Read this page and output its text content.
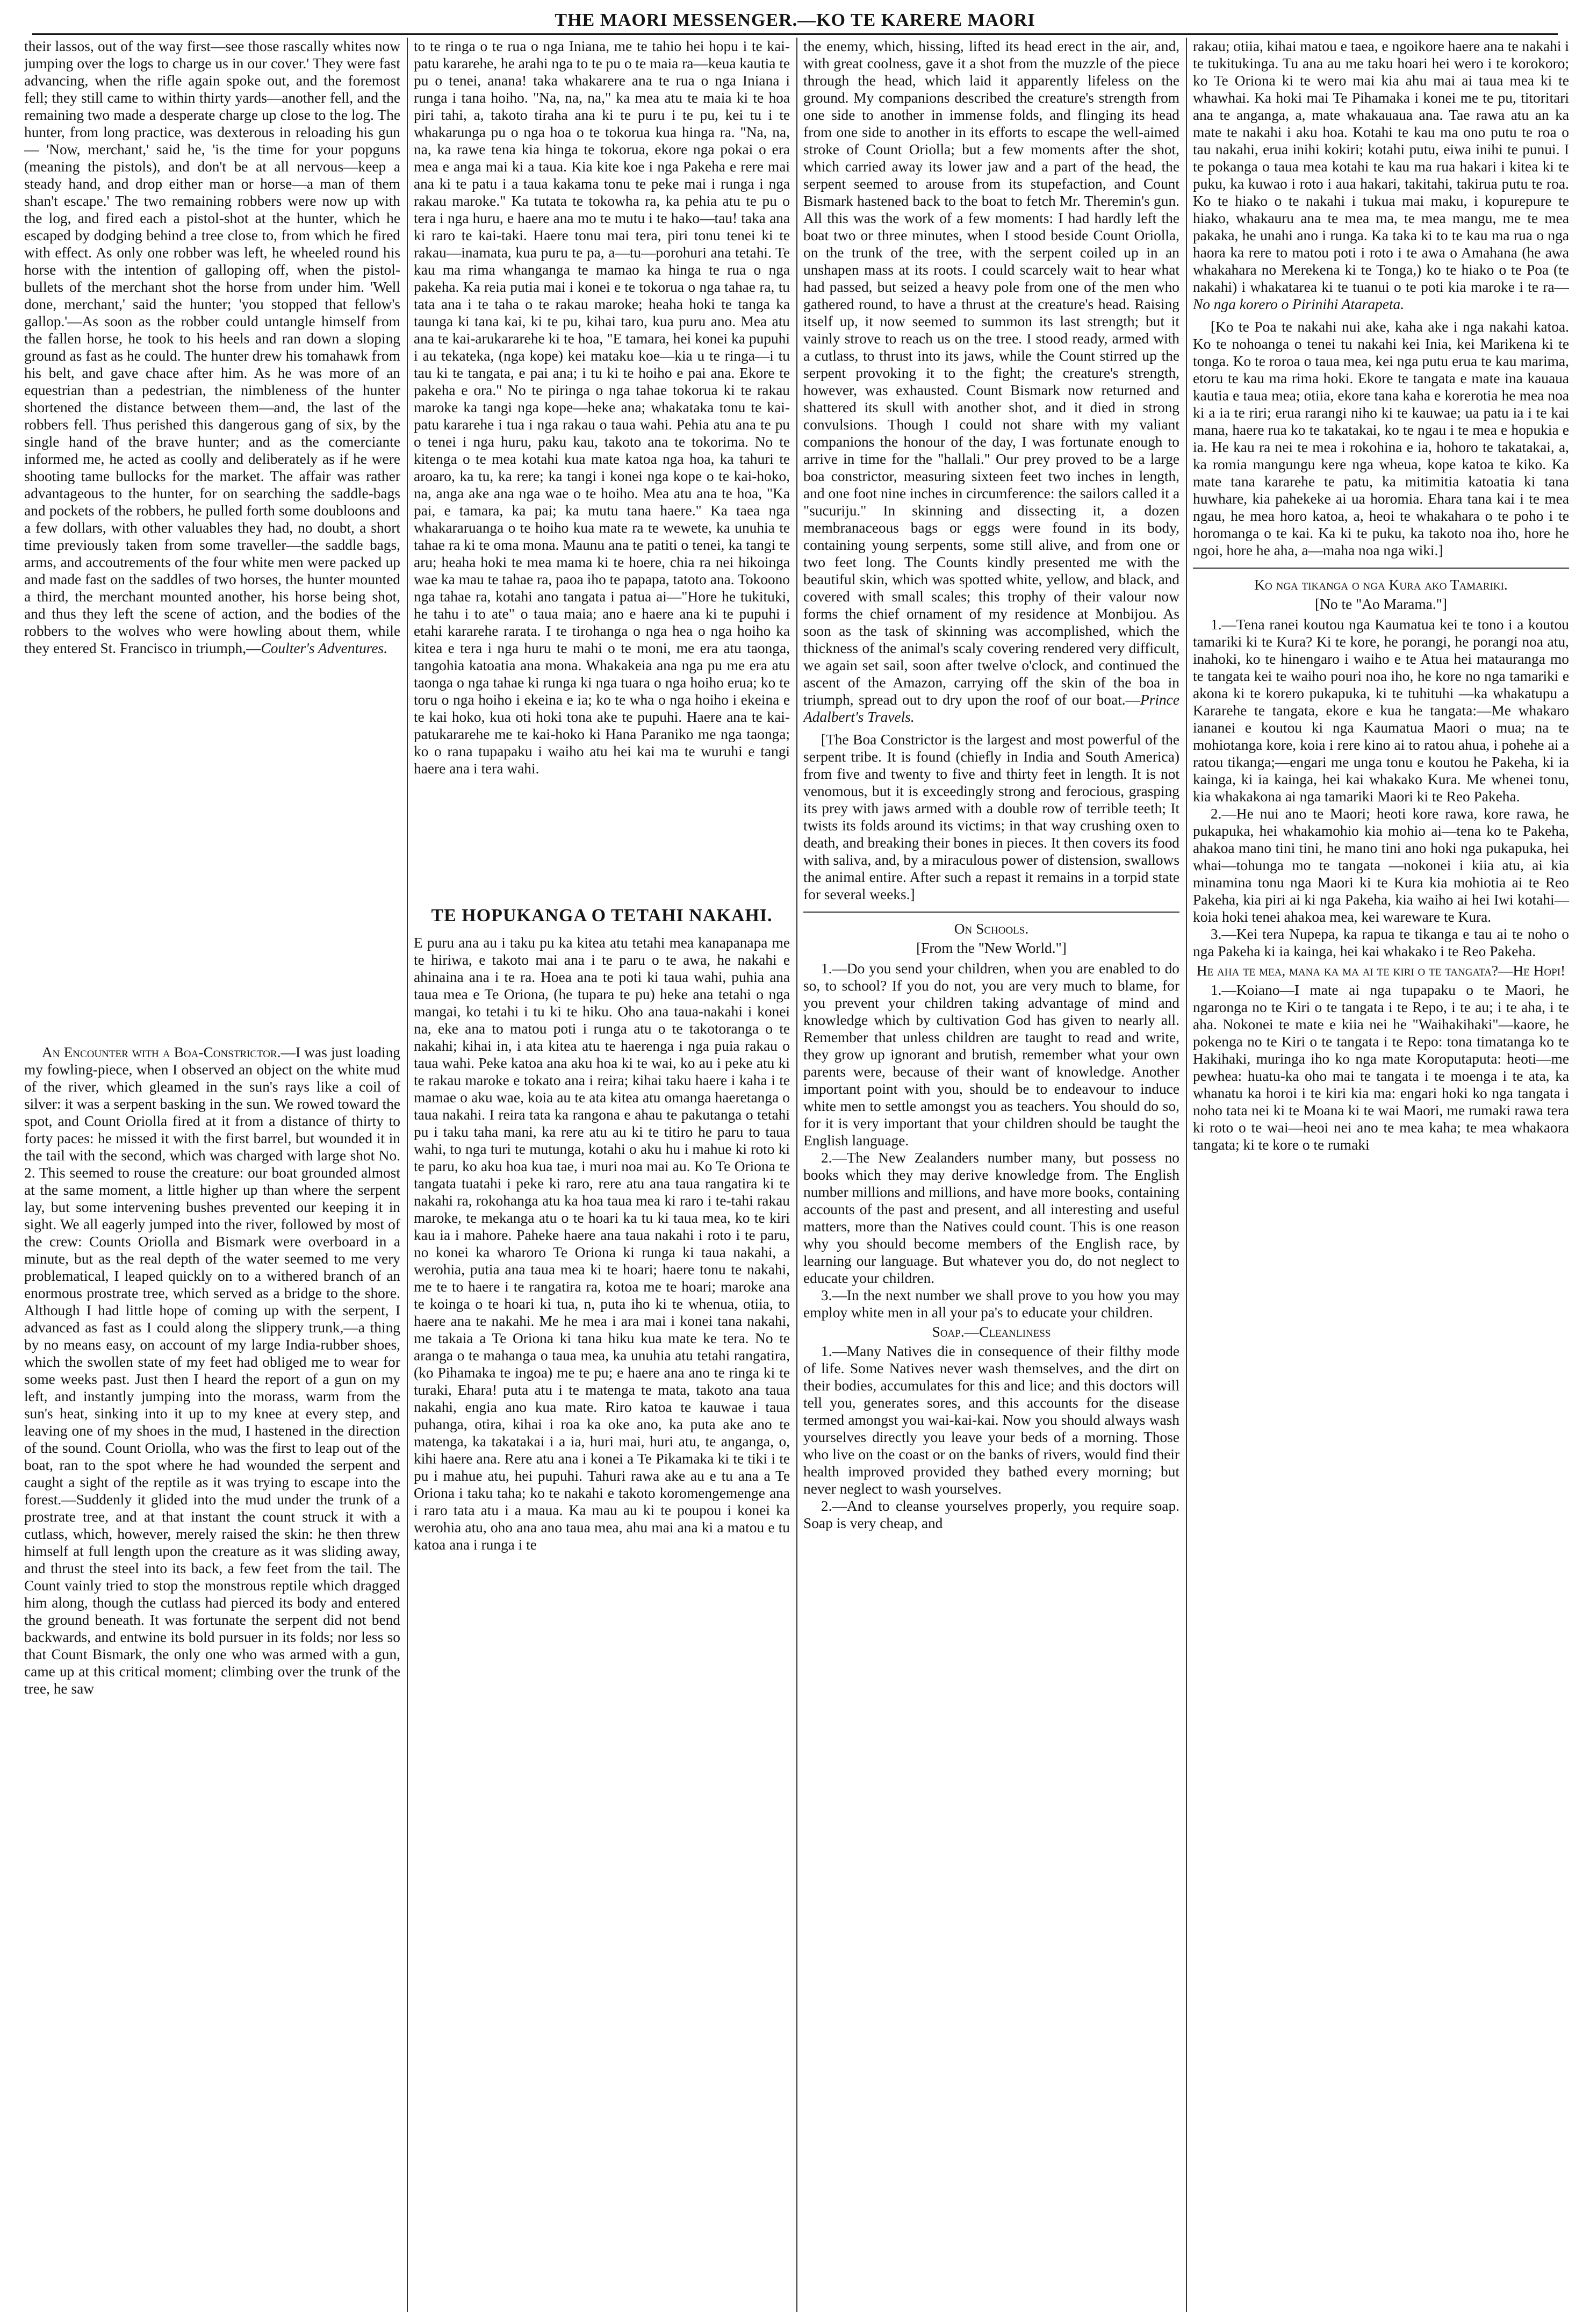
THE MAORI MESSENGER.—KO TE KARERE MAORI

their lassos, out of the way first—see those rascally whites now jumping over the logs to charge us in our cover.' They were fast advancing, when the rifle again spoke out, and the foremost fell; they still came to within thirty yards—another fell, and the remaining two made a desperate charge up close to the log. The hunter, from long practice, was dexterous in reloading his gun— 'Now, merchant,' said he, 'is the time for your popguns (meaning the pistols), and don't be at all nervous—keep a steady hand, and drop either man or horse—a man of them shan't escape.' The two remaining robbers were now up with the log, and fired each a pistol-shot at the hunter, which he escaped by dodging behind a tree close to, from which he fired with effect. As only one robber was left, he wheeled round his horse with the intention of galloping off, when the pistol-bullets of the merchant shot the horse from under him. 'Well done, merchant,' said the hunter; 'you stopped that fellow's gallop.'—As soon as the robber could untangle himself from the fallen horse, he took to his heels and ran down a sloping ground as fast as he could. The hunter drew his tomahawk from his belt, and gave chace after him. As he was more of an equestrian than a pedestrian, the nimbleness of the hunter shortened the distance between them—and, the last of the robbers fell. Thus perished this dangerous gang of six, by the single hand of the brave hunter; and as the comerciante informed me, he acted as coolly and deliberately as if he were shooting tame bullocks for the market. The affair was rather advantageous to the hunter, for on searching the saddle-bags and pockets of the robbers, he pulled forth some doubloons and a few dollars, with other valuables they had, no doubt, a short time previously taken from some traveller—the saddle bags, arms, and accoutrements of the four white men were packed up and made fast on the saddles of two horses, the hunter mounted a third, the merchant mounted another, his horse being shot, and thus they left the scene of action, and the bodies of the robbers to the wolves who were howling about them, while they entered St. Francisco in triumph,—Coulter's Adventures.

An Encounter with a Boa-Constrictor.—I was just loading my fowling-piece, when I observed an object on the white mud of the river, which gleamed in the sun's rays like a coil of silver: it was a serpent basking in the sun. We rowed toward the spot, and Count Oriolla fired at it from a distance of thirty to forty paces: he missed it with the first barrel, but wounded it in the tail with the second, which was charged with large shot No. 2. This seemed to rouse the creature: our boat grounded almost at the same moment, a little higher up than where the serpent lay, but some intervening bushes prevented our keeping it in sight. We all eagerly jumped into the river, followed by most of the crew: Counts Oriolla and Bismark were overboard in a minute, but as the real depth of the water seemed to me very problematical, I leaped quickly on to a withered branch of an enormous prostrate tree, which served as a bridge to the shore. Although I had little hope of coming up with the serpent, I advanced as fast as I could along the slippery trunk,—a thing by no means easy, on account of my large India-rubber shoes, which the swollen state of my feet had obliged me to wear for some weeks past. Just then I heard the report of a gun on my left, and instantly jumping into the morass, warm from the sun's heat, sinking into it up to my knee at every step, and leaving one of my shoes in the mud, I hastened in the direction of the sound. Count Oriolla, who was the first to leap out of the boat, ran to the spot where he had wounded the serpent and caught a sight of the reptile as it was trying to escape into the forest.—Suddenly it glided into the mud under the trunk of a prostrate tree, and at that instant the count struck it with a cutlass, which, however, merely raised the skin: he then threw himself at full length upon the creature as it was sliding away, and thrust the steel into its back, a few feet from the tail. The Count vainly tried to stop the monstrous reptile which dragged him along, though the cutlass had pierced its body and entered the ground beneath. It was fortunate the serpent did not bend backwards, and entwine its bold pursuer in its folds; nor less so that Count Bismark, the only one who was armed with a gun, came up at this critical moment; climbing over the trunk of the tree, he saw

to te ringa o te rua o nga Iniana, me te tahio hei hopu i te kai-patu kararehe, he arahi nga to te pu o te maia ra—keua kautia te pu o tenei, anana! taka whakarere ana te rua o nga Iniana i runga i tana hoiho. "Na, na, na," ka mea atu te maia ki te hoa piri tahi, a, takoto tiraha ana ki te puru i te pu, kei tu i te whakarunga pu o nga hoa o te tokorua kua hinga ra. "Na, na, na, ka rawe tena kia hinga te tokorua, ekore nga pokai o era mea e anga mai ki a taua. Kia kite koe i nga Pakeha e rere mai ana ki te patu i a taua kakama tonu te peke mai i runga i nga rakau maroke." Ka tutata te tokowha ra, ka pehia atu te pu o tera i nga huru, e haere ana mo te mutu i te hako—tau! taka ana ki raro te kai-taki. Haere tonu mai tera, piri tonu tenei ki te rakau—inamata, kua puru te pa, a—tu—porohuri ana tetahi. Te kau ma rima whanganga te mamao ka hinga te rua o nga pakeha. Ka reia putia mai i konei e te tokorua o nga tahae ra, tu tata ana i te taha o te rakau maroke; heaha hoki te tanga ka taunga ki tana kai, ki te pu, kihai taro, kua puru ano. Mea atu ana te kai-arukararehe ki te hoa, "E tamara, hei konei ka pupuhi i au tekateka, (nga kope) kei mataku koe—kia u te ringa—i tu tau ki te tangata, e pai ana; i tu ki te hoiho e pai ana. Ekore te pakeha e ora." No te piringa o nga tahae tokorua ki te rakau maroke ka tangi nga kope—heke ana; whakataka tonu te kai-patu kararehe i tua i nga rakau o taua wahi. Pehia atu ana te pu o tenei i nga huru, paku kau, takoto ana te tokorima. No te kitenga o te mea kotahi kua mate katoa nga hoa, ka tahuri te aroaro, ka tu, ka rere; ka tangi i konei nga kope o te kai-hoko, na, anga ake ana nga wae o te hoiho. Mea atu ana te hoa, "Ka pai, e tamara, ka pai; ka mutu tana haere." Ka taea nga whakararuanga o te hoiho kua mate ra te wewete, ka unuhia te tahae ra ki te oma mona. Maunu ana te patiti o tenei, ka tangi te aru; heaha hoki te mea mama ki te hoere, chia ra nei hikoinga wae ka mau te tahae ra, paoa iho te papapa, tatoto ana. Tokoono nga tahae ra, kotahi ano tangata i patua ai—"Hore he tukituki, he tahu i to ate" o taua maia; ano e haere ana ki te pupuhi i etahi kararehe rarata. I te tirohanga o nga hea o nga hoiho ka kitea e tera i nga huru te mahi o te moni, me era atu taonga, tangohia katoatia ana mona. Whakakeia ana nga pu me era atu taonga o nga tahae ki runga ki nga tuara o nga hoiho erua; ko te toru o nga hoiho i ekeina e ia; ko te wha o nga hoiho i ekeina e te kai hoko, kua oti hoki tona ake te pupuhi. Haere ana te kai-patukararehe me te kai-hoko ki Hana Paraniko me nga taonga; ko o rana tupapaku i waiho atu hei kai ma te wuruhi e tangi haere ana i tera wahi.

TE HOPUKANGA O TETAHI NAKAHI.

E puru ana au i taku pu ka kitea atu tetahi mea kanapanapa me te hiriwa, e takoto mai ana i te paru o te awa, he nakahi e ahinaina ana i te ra. Hoea ana te poti ki taua wahi, puhia ana taua mea e Te Oriona, (he tupara te pu) heke ana tetahi o nga mangai, ko tetahi i tu ki te hiku. Oho ana taua-nakahi i konei na, eke ana to matou poti i runga atu o te takotoranga o te nakahi; kihai in, i ata kitea atu te haerenga i nga puia rakau o taua wahi. Peke katoa ana aku hoa ki te wai, ko au i peke atu ki te rakau maroke e tokato ana i reira; kihai taku haere i kaha i te mamae o aku wae, koia au te ata kitea atu omanga haeretanga o taua nakahi. I reira tata ka rangona e ahau te pakutanga o tetahi pu i taku taha mani, ka rere atu au ki te titiro he paru to taua wahi, to nga turi te mutunga, kotahi o aku hu i mahue ki roto ki te paru, ko aku hoa kua tae, i muri noa mai au. Ko Te Oriona te tangata tuatahi i peke ki raro, rere atu ana taua rangatira ki te nakahi ra, rokohanga atu ka hoa taua mea ki raro i te-tahi rakau maroke, te mekanga atu o te hoari ka tu ki taua mea, ko te kiri kau ia i mahore. Paheke haere ana taua nakahi i roto i te paru, no konei ka wharoro Te Oriona ki runga ki taua nakahi, a werohia, putia ana taua mea ki te hoari; haere tonu te nakahi, me te to haere i te rangatira ra, kotoa me te hoari; maroke ana te koinga o te hoari ki tua, n, puta iho ki te whenua, otiia, to haere ana te nakahi. Me he mea i ara mai i konei tana nakahi, me takaia a Te Oriona ki tana hiku kua mate ke tera. No te aranga o te mahanga o taua mea, ka unuhia atu tetahi rangatira, (ko Pihamaka te ingoa) me te pu; e haere ana ano te ringa ki te turaki, Ehara! puta atu i te matenga te mata, takoto ana taua nakahi, engia ano kua mate. Riro katoa te kauwae i taua puhanga, otira, kihai i roa ka oke ano, ka puta ake ano te matenga, ka takatakai i a ia, huri mai, huri atu, te anganga, o, kihi haere ana. Rere atu ana i konei a Te Pikamaka ki te tiki i te pu i mahue atu, hei pupuhi. Tahuri rawa ake au e tu ana a Te Oriona i taku taha; ko te nakahi e takoto koromengemenge ana i raro tata atu i a maua. Ka mau au ki te poupou i konei ka werohia atu, oho ana ano taua mea, ahu mai ana ki a matou e tu katoa ana i runga i te

the enemy, which, hissing, lifted its head erect in the air, and, with great coolness, gave it a shot from the muzzle of the piece through the head, which laid it apparently lifeless on the ground. My companions described the creature's strength from one side to another in immense folds, and flinging its head from one side to another in its efforts to escape the well-aimed stroke of Count Oriolla; but a few moments after the shot, which carried away its lower jaw and a part of the head, the serpent seemed to arouse from its stupefaction, and Count Bismark hastened back to the boat to fetch Mr. Theremin's gun. All this was the work of a few moments: I had hardly left the boat two or three minutes, when I stood beside Count Oriolla, on the trunk of the tree, with the serpent coiled up in an unshapen mass at its roots. I could scarcely wait to hear what had passed, but seized a heavy pole from one of the men who gathered round, to have a thrust at the creature's head. Raising itself up, it now seemed to summon its last strength; but it vainly strove to reach us on the tree. I stood ready, armed with a cutlass, to thrust into its jaws, while the Count stirred up the serpent provoking it to the fight; the creature's strength, however, was exhausted. Count Bismark now returned and shattered its skull with another shot, and it died in strong convulsions. Though I could not share with my valiant companions the honour of the day, I was fortunate enough to arrive in time for the "hallali." Our prey proved to be a large boa constrictor, measuring sixteen feet two inches in length, and one foot nine inches in circumference: the sailors called it a "sucuriju." In skinning and dissecting it, a dozen membranaceous bags or eggs were found in its body, containing young serpents, some still alive, and from one or two feet long. The Counts kindly presented me with the beautiful skin, which was spotted white, yellow, and black, and covered with small scales; this trophy of their valour now forms the chief ornament of my residence at Monbijou. As soon as the task of skinning was accomplished, which the thickness of the animal's scaly covering rendered very difficult, we again set sail, soon after twelve o'clock, and continued the ascent of the Amazon, carrying off the skin of the boa in triumph, spread out to dry upon the roof of our boat.—Prince Adalbert's Travels.

[The Boa Constrictor is the largest and most powerful of the serpent tribe. It is found (chiefly in India and South America) from five and twenty to five and thirty feet in length. It is not venomous, but it is exceedingly strong and ferocious, grasping its prey with jaws armed with a double row of terrible teeth; It twists its folds around its victims; in that way crushing oxen to death, and breaking their bones in pieces. It then covers its food with saliva, and, by a miraculous power of distension, swallows the animal entire. After such a repast it remains in a torpid state for several weeks.]

On Schools.
[From the "New World."]

1.—Do you send your children, when you are enabled to do so, to school? If you do not, you are very much to blame, for you prevent your children taking advantage of mind and knowledge which by cultivation God has given to nearly all. Remember that unless children are taught to read and write, they grow up ignorant and brutish, remember what your own parents were, because of their want of knowledge. Another important point with you, should be to endeavour to induce white men to settle amongst you as teachers. You should do so, for it is very important that your children should be taught the English language.

2.—The New Zealanders number many, but possess no books which they may derive knowledge from. The English number millions and millions, and have more books, containing accounts of the past and present, and all interesting and useful matters, more than the Natives could count. This is one reason why you should become members of the English race, by learning our language. But whatever you do, do not neglect to educate your children.

3.—In the next number we shall prove to you how you may employ white men in all your pa's to educate your children.

Soap.—Cleanliness

1.—Many Natives die in consequence of their filthy mode of life. Some Natives never wash themselves, and the dirt on their bodies, accumulates for this and lice; and this doctors will tell you, generates sores, and this accounts for the disease termed amongst you wai-kai-kai. Now you should always wash yourselves directly you leave your beds of a morning. Those who live on the coast or on the banks of rivers, would find their health improved provided they bathed every morning; but never neglect to wash yourselves.

2.—And to cleanse yourselves properly, you require soap. Soap is very cheap, and

rakau; otiia, kihai matou e taea, e ngoikore haere ana te nakahi i te tukitukinga. Tu ana au me taku hoari hei wero i te korokoro; ko Te Oriona ki te wero mai kia ahu mai ai taua mea ki te whawhai. Ka hoki mai Te Pihamaka i konei me te pu, titoritari ana te anganga, a, mate whakauaua ana. Tae rawa atu an ka mate te nakahi i aku hoa. Kotahi te kau ma ono putu te roa o tau nakahi, erua inihi kokiri; kotahi putu, eiwa inihi te punui. I te pokanga o taua mea kotahi te kau ma rua hakari i kitea ki te puku, ka kuwao i roto i aua hakari, takitahi, takirua putu te roa. Ko te hiako o te nakahi i tukua mai maku, i kopurepure te hiako, whakauru ana te mea ma, te mea mangu, me te mea pakaka, he unahi ano i runga. Ka taka ki to te kau ma rua o nga haora ka rere to matou poti i roto i te awa o Amahana (he awa whakahara no Merekena ki te Tonga,) ko te hiako o te Poa (te nakahi) i whakatarea ki te tuanui o te poti kia maroke i te ra—No nga korero o Pirinihi Atarapeta.

[Ko te Poa te nakahi nui ake, kaha ake i nga nakahi katoa. Ko te nohoanga o tenei tu nakahi kei Inia, kei Marikena ki te tonga. Ko te roroa o taua mea, kei nga putu erua te kau marima, etoru te kau ma rima hoki. Ekore te tangata e mate ina kauaua kautia e taua mea; otiia, ekore tana kaha e korerotia he mea noa ki a ia te riri; erua rarangi niho ki te kauwae; ua patu ia i te kai mana, haere rua ko te takatakai, ko te ngau i te mea e hopukia e ia. He kau ra nei te mea i rokohina e ia, hohoro te takatakai, a, ka romia mangungu kere nga wheua, kope katoa te kiko. Ka mate tana kararehe te patu, ka mitimitia katoatia ki tana huwhare, kia pahekeke ai ua horomia. Ehara tana kai i te mea ngau, he mea horo katoa, a, heoi te whakahara o te poho i te horomanga o te kai. Ka ki te puku, ka takoto noa iho, hore he ngoi, hore he aha, a—maha noa nga wiki.]

Ko nga tikanga o nga Kura ako Tamariki.
[No te "Ao Marama."]

1.—Tena ranei koutou nga Kaumatua kei te tono i a koutou tamariki ki te Kura? Ki te kore, he porangi, he porangi noa atu, inahoki, ko te hinengaro i waiho e te Atua hei matauranga mo te tangata kei te waiho pouri noa iho, he kore no nga tamariki e akona ki te korero pukapuka, ki te tuhituhi —ka whakatupu a Kararehe te tangata, ekore e kua he tangata:—Me whakaro iananei e koutou ki nga Kaumatua Maori o mua; na te mohiotanga kore, koia i rere kino ai to ratou ahua, i pohehe ai a ratou tikanga;—engari me unga tonu e koutou he Pakeha, ki ia kainga, ki ia kainga, hei kai whakako Kura. Me whenei tonu, kia whakakona ai nga tamariki Maori ki te Reo Pakeha.

2.—He nui ano te Maori; heoti kore rawa, kore rawa, he pukapuka, hei whakamohio kia mohio ai—tena ko te Pakeha, ahakoa mano tini tini, he mano tini ano hoki nga pukapuka, hei whai—tohunga mo te tangata —nokonei i kiia atu, ai kia minamina tonu nga Maori ki te Kura kia mohiotia ai te Reo Pakeha, kia piri ai ki nga Pakeha, kia waiho ai hei Iwi kotahi—koia hoki tenei ahakoa mea, kei wareware te Kura.

3.—Kei tera Nupepa, ka rapua te tikanga e tau ai te noho o nga Pakeha ki ia kainga, hei kai whakako i te Reo Pakeha.

He aha te mea, mana ka ma ai te kiri o te tangata?—He Hopi!

1.—Koiano—I mate ai nga tupapaku o te Maori, he ngaronga no te Kiri o te tangata i te Repo, i te au; i te aha, i te aha. Nokonei te mate e kiia nei he "Waihakihaki"—kaore, he pokenga no te Kiri o te tangata i te Repo: tona timatanga ko te Hakihaki, muringa iho ko nga mate Koroputaputa: heoti—me pewhea: huatu-ka oho mai te tangata i te moenga i te ata, ka whanatu ka horoi i te kiri kia ma: engari hoki ko nga tangata i noho tata nei ki te Moana ki te wai Maori, me rumaki rawa tera ki roto o te wai—heoi nei ano te mea kaha; te mea whakaora tangata; ki te kore o te rumaki
